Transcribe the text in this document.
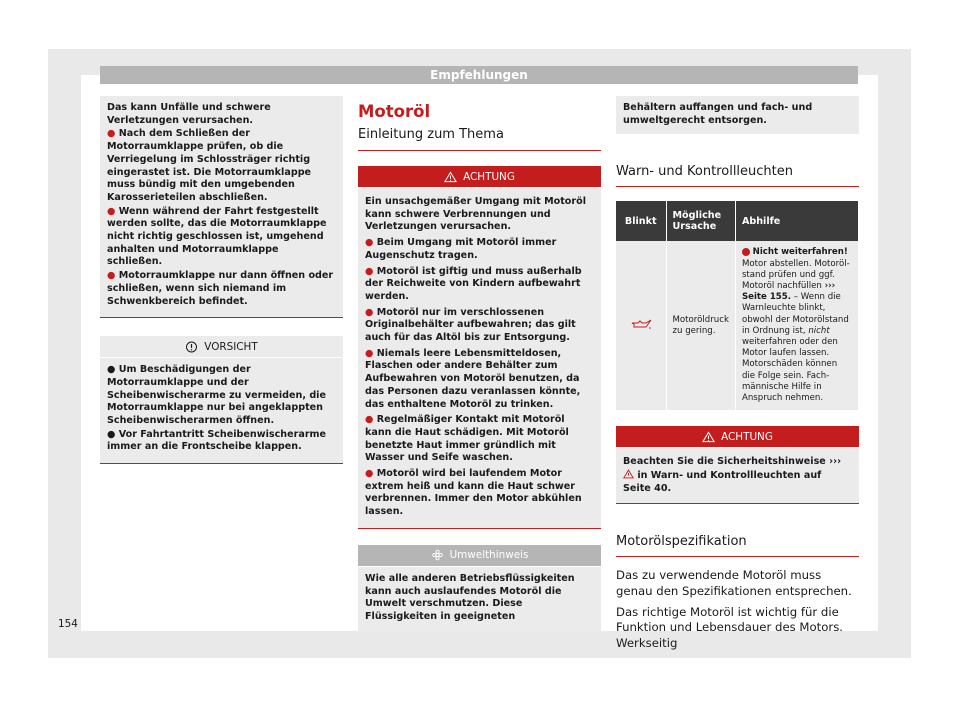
Empfehlungen

Das kann Unfälle und schwere Verletzungen verursachen.

● Nach dem Schließen der Motorraumklappe prüfen, ob die Verriegelung im Schlossträger richtig eingerastet ist. Die Motorraumklappe muss bündig mit den umgebenden Karosserieteilen abschließen.

● Wenn während der Fahrt festgestellt werden sollte, das die Motorraumklappe nicht richtig geschlossen ist, umgehend anhalten und Motorraumklappe schließen.

● Motorraumklappe nur dann öffnen oder schließen, wenn sich niemand im Schwenkbereich befindet.

VORSICHT

● Um Beschädigungen der Motorraumklappe und der Scheibenwischerarme zu vermeiden, die Motorraumklappe nur bei angeklappten Scheibenwischerarmen öffnen.

● Vor Fahrtantritt Scheibenwischerarme immer an die Frontscheibe klappen.

Motoröl
Einleitung zum Thema
ACHTUNG

Ein unsachgemäßer Umgang mit Motoröl kann schwere Verbrennungen und Verletzungen verursachen.

● Beim Umgang mit Motoröl immer Augenschutz tragen.

● Motoröl ist giftig und muss außerhalb der Reichweite von Kindern aufbewahrt werden.

● Motoröl nur im verschlossenen Originalbehälter aufbewahren; das gilt auch für das Altöl bis zur Entsorgung.

● Niemals leere Lebensmitteldosen, Flaschen oder andere Behälter zum Aufbewahren von Motoröl benutzen, da das Personen dazu veranlassen könnte, das enthaltene Motoröl zu trinken.

● Regelmäßiger Kontakt mit Motoröl kann die Haut schädigen. Mit Motoröl benetzte Haut immer gründlich mit Wasser und Seife waschen.

● Motoröl wird bei laufendem Motor extrem heiß und kann die Haut schwer verbrennen. Immer den Motor abkühlen lassen.

Umwelthinweis

Wie alle anderen Betriebsflüssigkeiten kann auch auslaufendes Motoröl die Umwelt verschmutzen. Diese Flüssigkeiten in geeigneten

Behältern auffangen und fach- und umweltgerecht entsorgen.

Warn- und Kontrollleuchten
Blinkt	Mögliche Ursache	Abhilfe
	Motoröldruck zu gering.	Nicht weiterfahren!
Motor abstellen. Motorölstand prüfen und ggf. Motoröl nachfüllen ››› Seite 155. – Wenn die Warnleuchte blinkt, obwohl der Motorölstand in Ordnung ist, nicht weiterfahren oder den Motor laufen lassen. Motorschäden können die Folge sein. Fachmännische Hilfe in Anspruch nehmen.
ACHTUNG
Beachten Sie die Sicherheitshinweise ›››  in Warn- und Kontrollleuchten auf Seite 40.
Motorölspezifikation

Das zu verwendende Motoröl muss genau den Spezifikationen entsprechen.

Das richtige Motoröl ist wichtig für die Funktion und Lebensdauer des Motors. Werkseitig

154
